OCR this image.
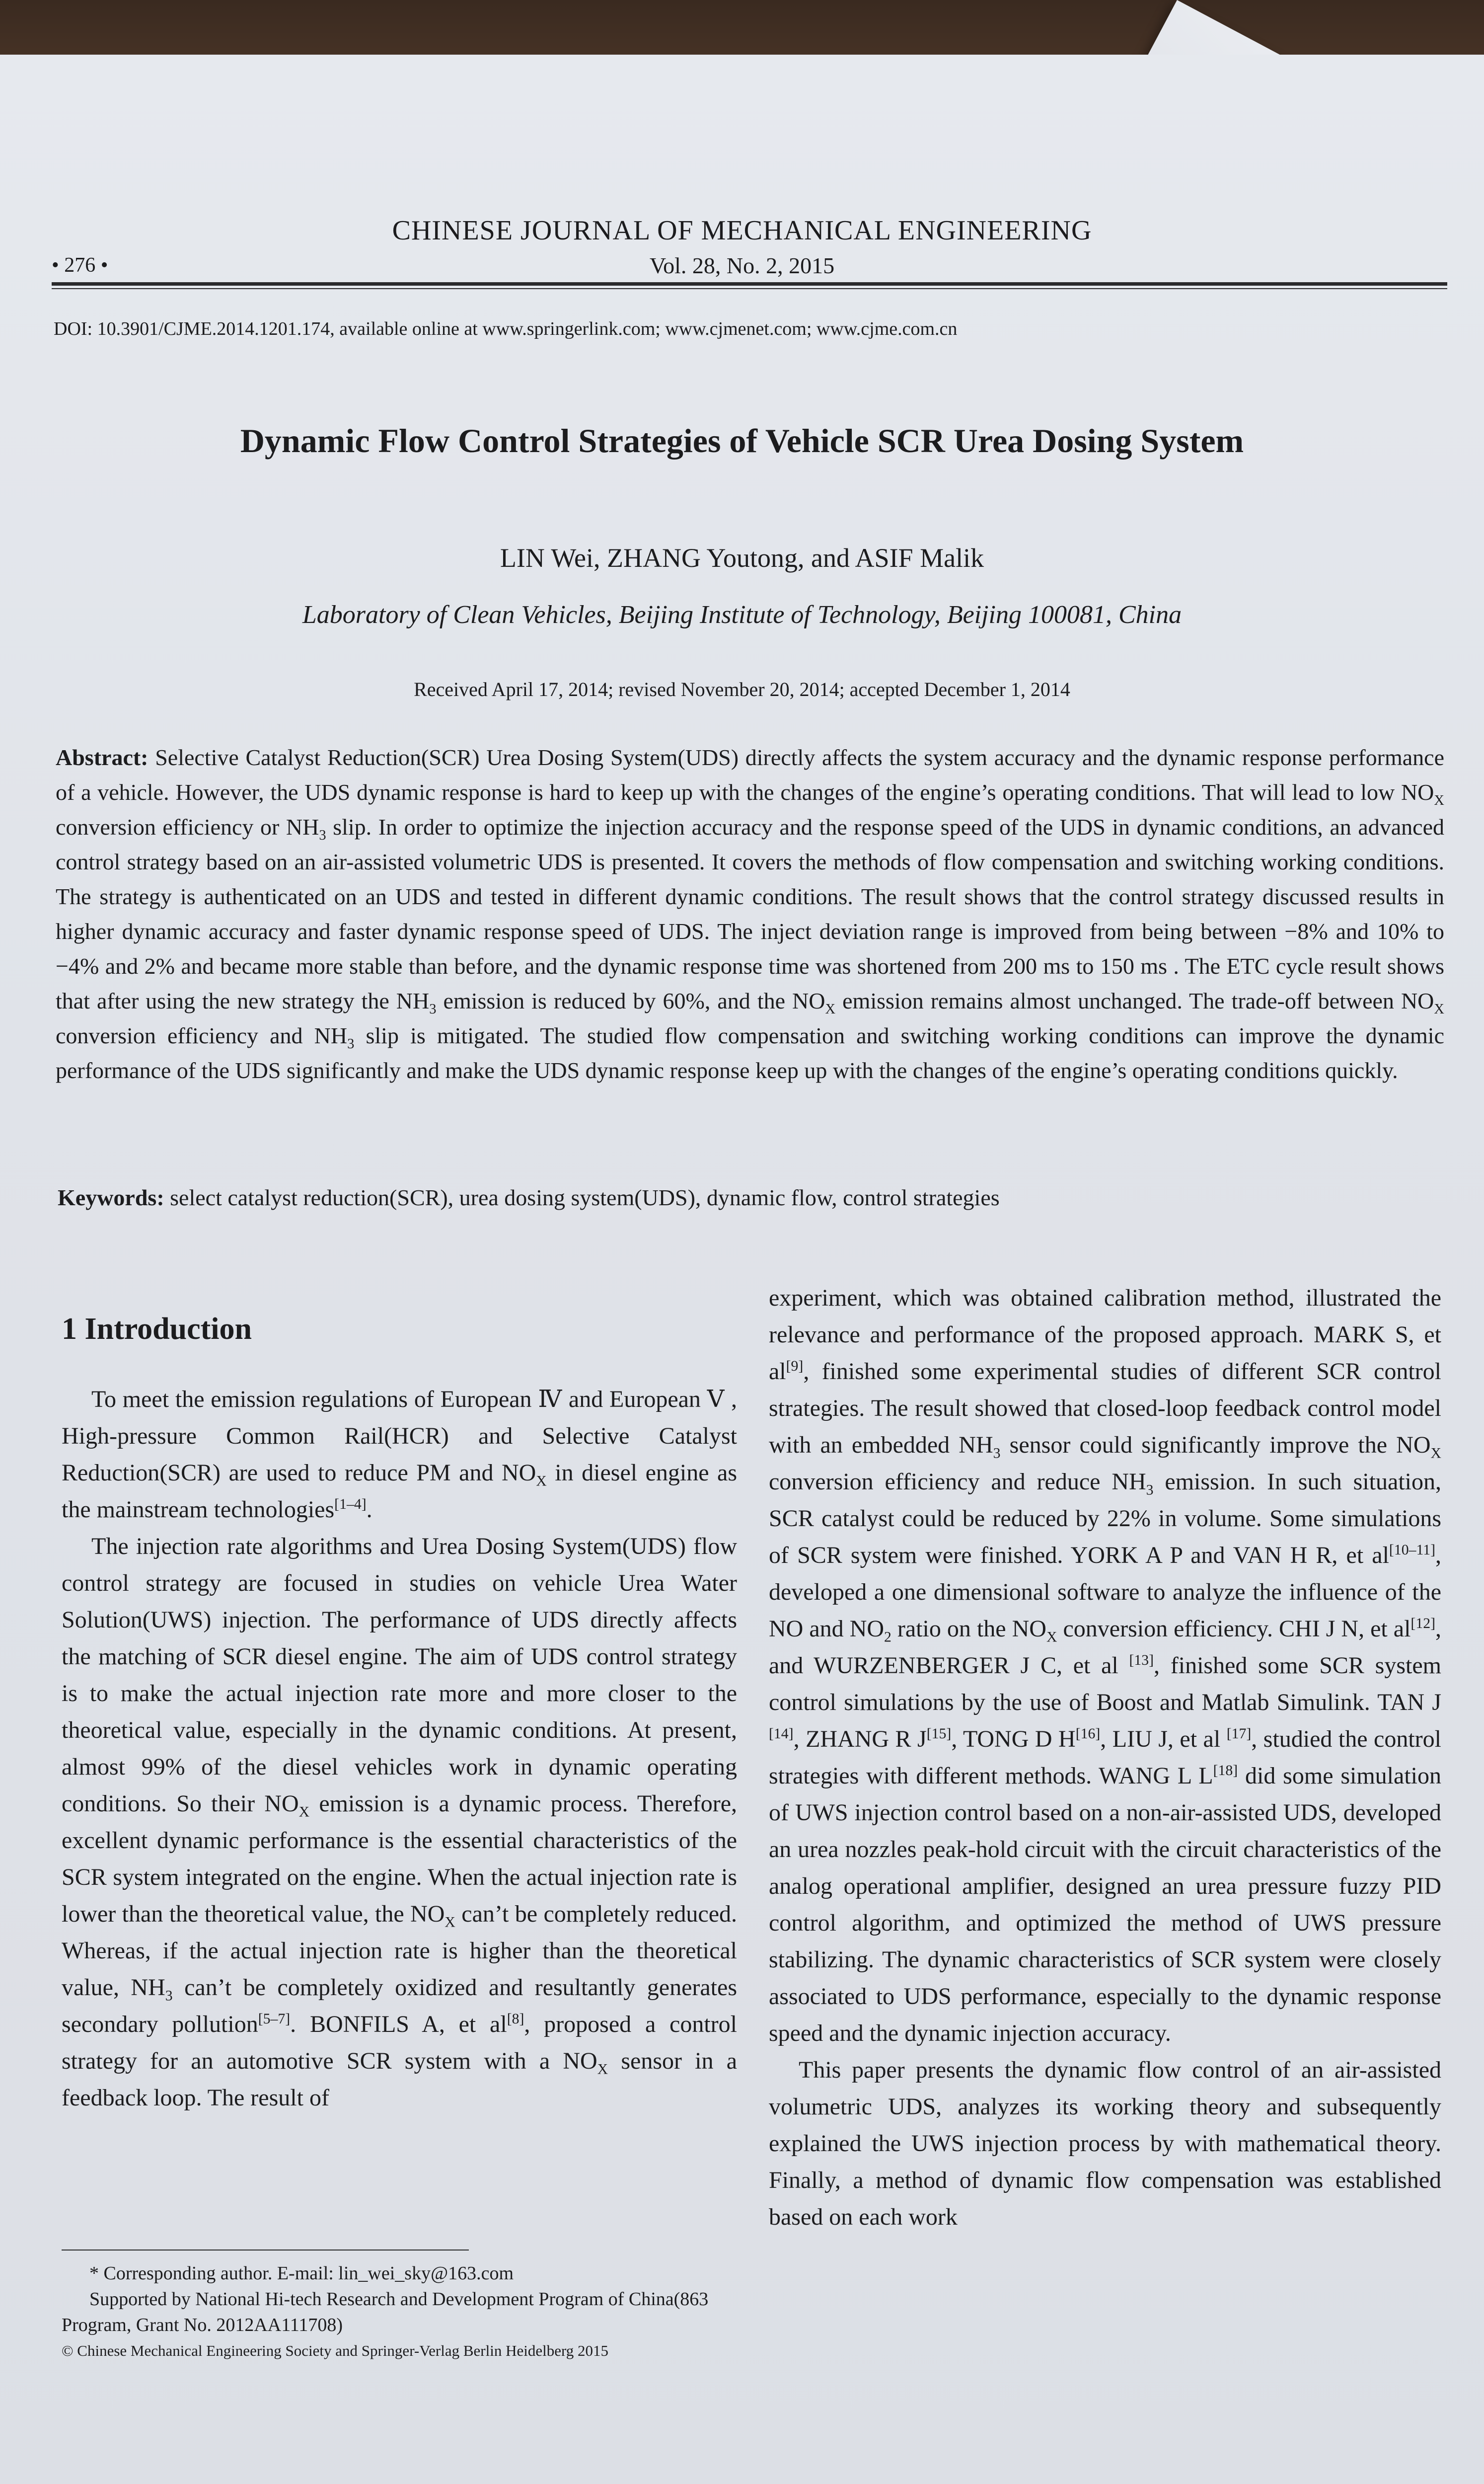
• 276 •

CHINESE JOURNAL OF MECHANICAL ENGINEERING

Vol. 28, No. 2, 2015

DOI: 10.3901/CJME.2014.1201.174, available online at www.springerlink.com; www.cjmenet.com; www.cjme.com.cn

Dynamic Flow Control Strategies of Vehicle SCR Urea Dosing System

LIN Wei, ZHANG Youtong, and ASIF Malik

Laboratory of Clean Vehicles, Beijing Institute of Technology, Beijing 100081, China

Received April 17, 2014; revised November 20, 2014; accepted December 1, 2014

Abstract: Selective Catalyst Reduction(SCR) Urea Dosing System(UDS) directly affects the system accuracy and the dynamic response performance of a vehicle. However, the UDS dynamic response is hard to keep up with the changes of the engine’s operating conditions. That will lead to low $NO_X$ conversion efficiency or $NH_3$ slip. In order to optimize the injection accuracy and the response speed of the UDS in dynamic conditions, an advanced control strategy based on an air-assisted volumetric UDS is presented. It covers the methods of flow compensation and switching working conditions. The strategy is authenticated on an UDS and tested in different dynamic conditions. The result shows that the control strategy discussed results in higher dynamic accuracy and faster dynamic response speed of UDS. The inject deviation range is improved from being between −8% and 10% to −4% and 2% and became more stable than before, and the dynamic response time was shortened from 200 ms to 150 ms . The ETC cycle result shows that after using the new strategy the $NH_3$ emission is reduced by 60%, and the $NO_X$ emission remains almost unchanged. The trade-off between $NO_X$ conversion efficiency and $NH_3$ slip is mitigated. The studied flow compensation and switching working conditions can improve the dynamic performance of the UDS significantly and make the UDS dynamic response keep up with the changes of the engine’s operating conditions quickly.
Keywords: select catalyst reduction(SCR), urea dosing system(UDS), dynamic flow, control strategies

1 Introduction

To meet the emission regulations of European Ⅳ and European Ⅴ , High-pressure Common Rail(HCR) and Selective Catalyst Reduction(SCR) are used to reduce PM and $NO_X$ in diesel engine as the mainstream technologies[1–4].

The injection rate algorithms and Urea Dosing System(UDS) flow control strategy are focused in studies on vehicle Urea Water Solution(UWS) injection. The performance of UDS directly affects the matching of SCR diesel engine. The aim of UDS control strategy is to make the actual injection rate more and more closer to the theoretical value, especially in the dynamic conditions. At present, almost 99% of the diesel vehicles work in dynamic operating conditions. So their $NO_X$ emission is a dynamic process. Therefore, excellent dynamic performance is the essential characteristics of the SCR system integrated on the engine. When the actual injection rate is lower than the theoretical value, the $NO_X$ can’t be completely reduced. Whereas, if the actual injection rate is higher than the theoretical value, $NH_3$ can’t be completely oxidized and resultantly generates secondary pollution[5–7]. BONFILS A, et al[8], proposed a control strategy for an automotive SCR system with a $NO_X$ sensor in a feedback loop. The result of

* Corresponding author. E-mail: lin_wei_sky@163.com
Supported by National Hi-tech Research and Development Program of China(863 Program, Grant No. 2012AA111708)
© Chinese Mechanical Engineering Society and Springer-Verlag Berlin Heidelberg 2015

experiment, which was obtained calibration method, illustrated the relevance and performance of the proposed approach. MARK S, et al[9], finished some experimental studies of different SCR control strategies. The result showed that closed-loop feedback control model with an embedded $NH_3$ sensor could significantly improve the $NO_X$ conversion efficiency and reduce $NH_3$ emission. In such situation, SCR catalyst could be reduced by 22% in volume. Some simulations of SCR system were finished. YORK A P and VAN H R, et al[10–11], developed a one dimensional software to analyze the influence of the NO and $NO_2$ ratio on the $NO_X$ conversion efficiency. CHI J N, et al[12], and WURZENBERGER J C, et al [13], finished some SCR system control simulations by the use of Boost and Matlab Simulink. TAN J [14], ZHANG R J[15], TONG D H[16], LIU J, et al [17], studied the control strategies with different methods. WANG L L[18] did some simulation of UWS injection control based on a non-air-assisted UDS, developed an urea nozzles peak-hold circuit with the circuit characteristics of the analog operational amplifier, designed an urea pressure fuzzy PID control algorithm, and optimized the method of UWS pressure stabilizing. The dynamic characteristics of SCR system were closely associated to UDS performance, especially to the dynamic response speed and the dynamic injection accuracy.

This paper presents the dynamic flow control of an air-assisted volumetric UDS, analyzes its working theory and subsequently explained the UWS injection process by with mathematical theory. Finally, a method of dynamic flow compensation was established based on each work
